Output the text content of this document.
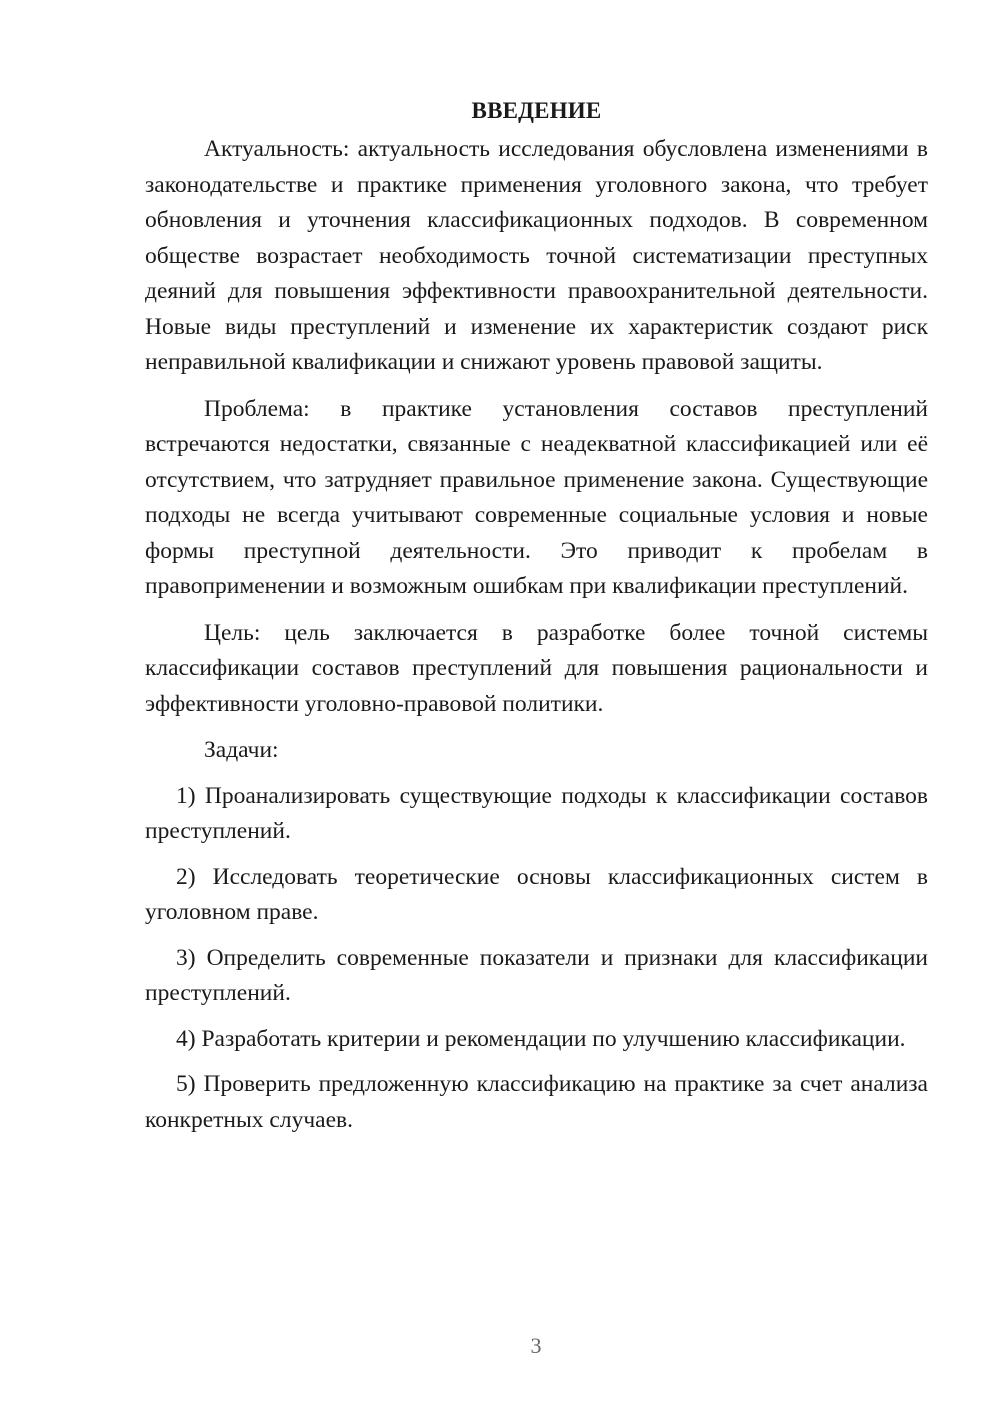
ВВЕДЕНИЕ

Актуальность: актуальность исследования обусловлена изменениями в законодательстве и практике применения уголовного закона, что требует обновления и уточнения классификационных подходов. В современном обществе возрастает необходимость точной систематизации преступных деяний для повышения эффективности правоохранительной деятельности. Новые виды преступлений и изменение их характеристик создают риск неправильной квалификации и снижают уровень правовой защиты.

Проблема: в практике установления составов преступлений встречаются недостатки, связанные с неадекватной классификацией или её отсутствием, что затрудняет правильное применение закона. Существующие подходы не всегда учитывают современные социальные условия и новые формы преступной деятельности. Это приводит к пробелам в правоприменении и возможным ошибкам при квалификации преступлений.

Цель: цель заключается в разработке более точной системы классификации составов преступлений для повышения рациональности и эффективности уголовно-правовой политики.

Задачи:

1) Проанализировать существующие подходы к классификации составов преступлений.

2) Исследовать теоретические основы классификационных систем в уголовном праве.

3) Определить современные показатели и признаки для классификации преступлений.

4) Разработать критерии и рекомендации по улучшению классификации.

5) Проверить предложенную классификацию на практике за счет анализа конкретных случаев.

3
